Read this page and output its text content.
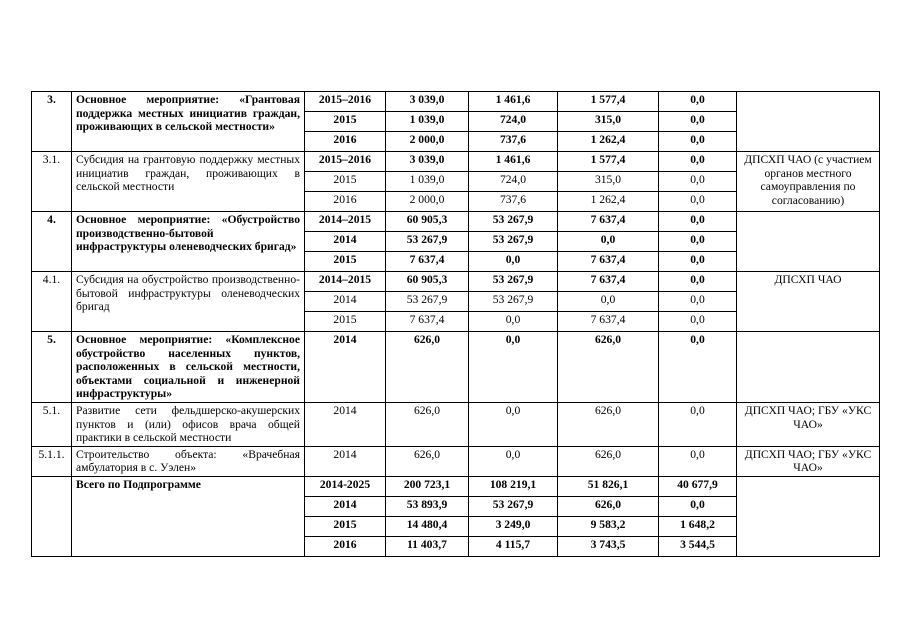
3.	Основное мероприятие: «Грантовая поддержка местных инициатив граждан, проживающих в сельской местности»	2015–2016	3 039,0	1 461,6	1 577,4	0,0	
		2015	1 039,0	724,0	315,0	0,0	
		2016	2 000,0	737,6	1 262,4	0,0	
3.1.	Субсидия на грантовую поддержку местных инициатив граждан, проживающих в сельской местности	2015–2016	3 039,0	1 461,6	1 577,4	0,0	ДПСХП ЧАО (с участием органов местного самоуправления по согласованию)
		2015	1 039,0	724,0	315,0	0,0	
		2016	2 000,0	737,6	1 262,4	0,0	
4.	Основное мероприятие: «Обустройство производственно-бытовой инфраструктуры оленеводческих бригад»	2014–2015	60 905,3	53 267,9	7 637,4	0,0	
		2014	53 267,9	53 267,9	0,0	0,0	
		2015	7 637,4	0,0	7 637,4	0,0	
4.1.	Субсидия на обустройство производственно-бытовой инфраструктуры оленеводческих бригад	2014–2015	60 905,3	53 267,9	7 637,4	0,0	ДПСХП ЧАО
		2014	53 267,9	53 267,9	0,0	0,0	
		2015	7 637,4	0,0	7 637,4	0,0	
5.	Основное мероприятие: «Комплексное обустройство населенных пунктов, расположенных в сельской местности, объектами социальной и инженерной инфраструктуры»	2014	626,0	0,0	626,0	0,0	
5.1.	Развитие сети фельдшерско-акушерских пунктов и (или) офисов врача общей практики в сельской местности	2014	626,0	0,0	626,0	0,0	ДПСХП ЧАО; ГБУ «УКС ЧАО»
5.1.1.	Строительство объекта: «Врачебная амбулатория в с. Уэлен»	2014	626,0	0,0	626,0	0,0	ДПСХП ЧАО; ГБУ «УКС ЧАО»
	Всего по Подпрограмме	2014-2025	200 723,1	108 219,1	51 826,1	40 677,9	
		2014	53 893,9	53 267,9	626,0	0,0	
		2015	14 480,4	3 249,0	9 583,2	1 648,2	
		2016	11 403,7	4 115,7	3 743,5	3 544,5	
